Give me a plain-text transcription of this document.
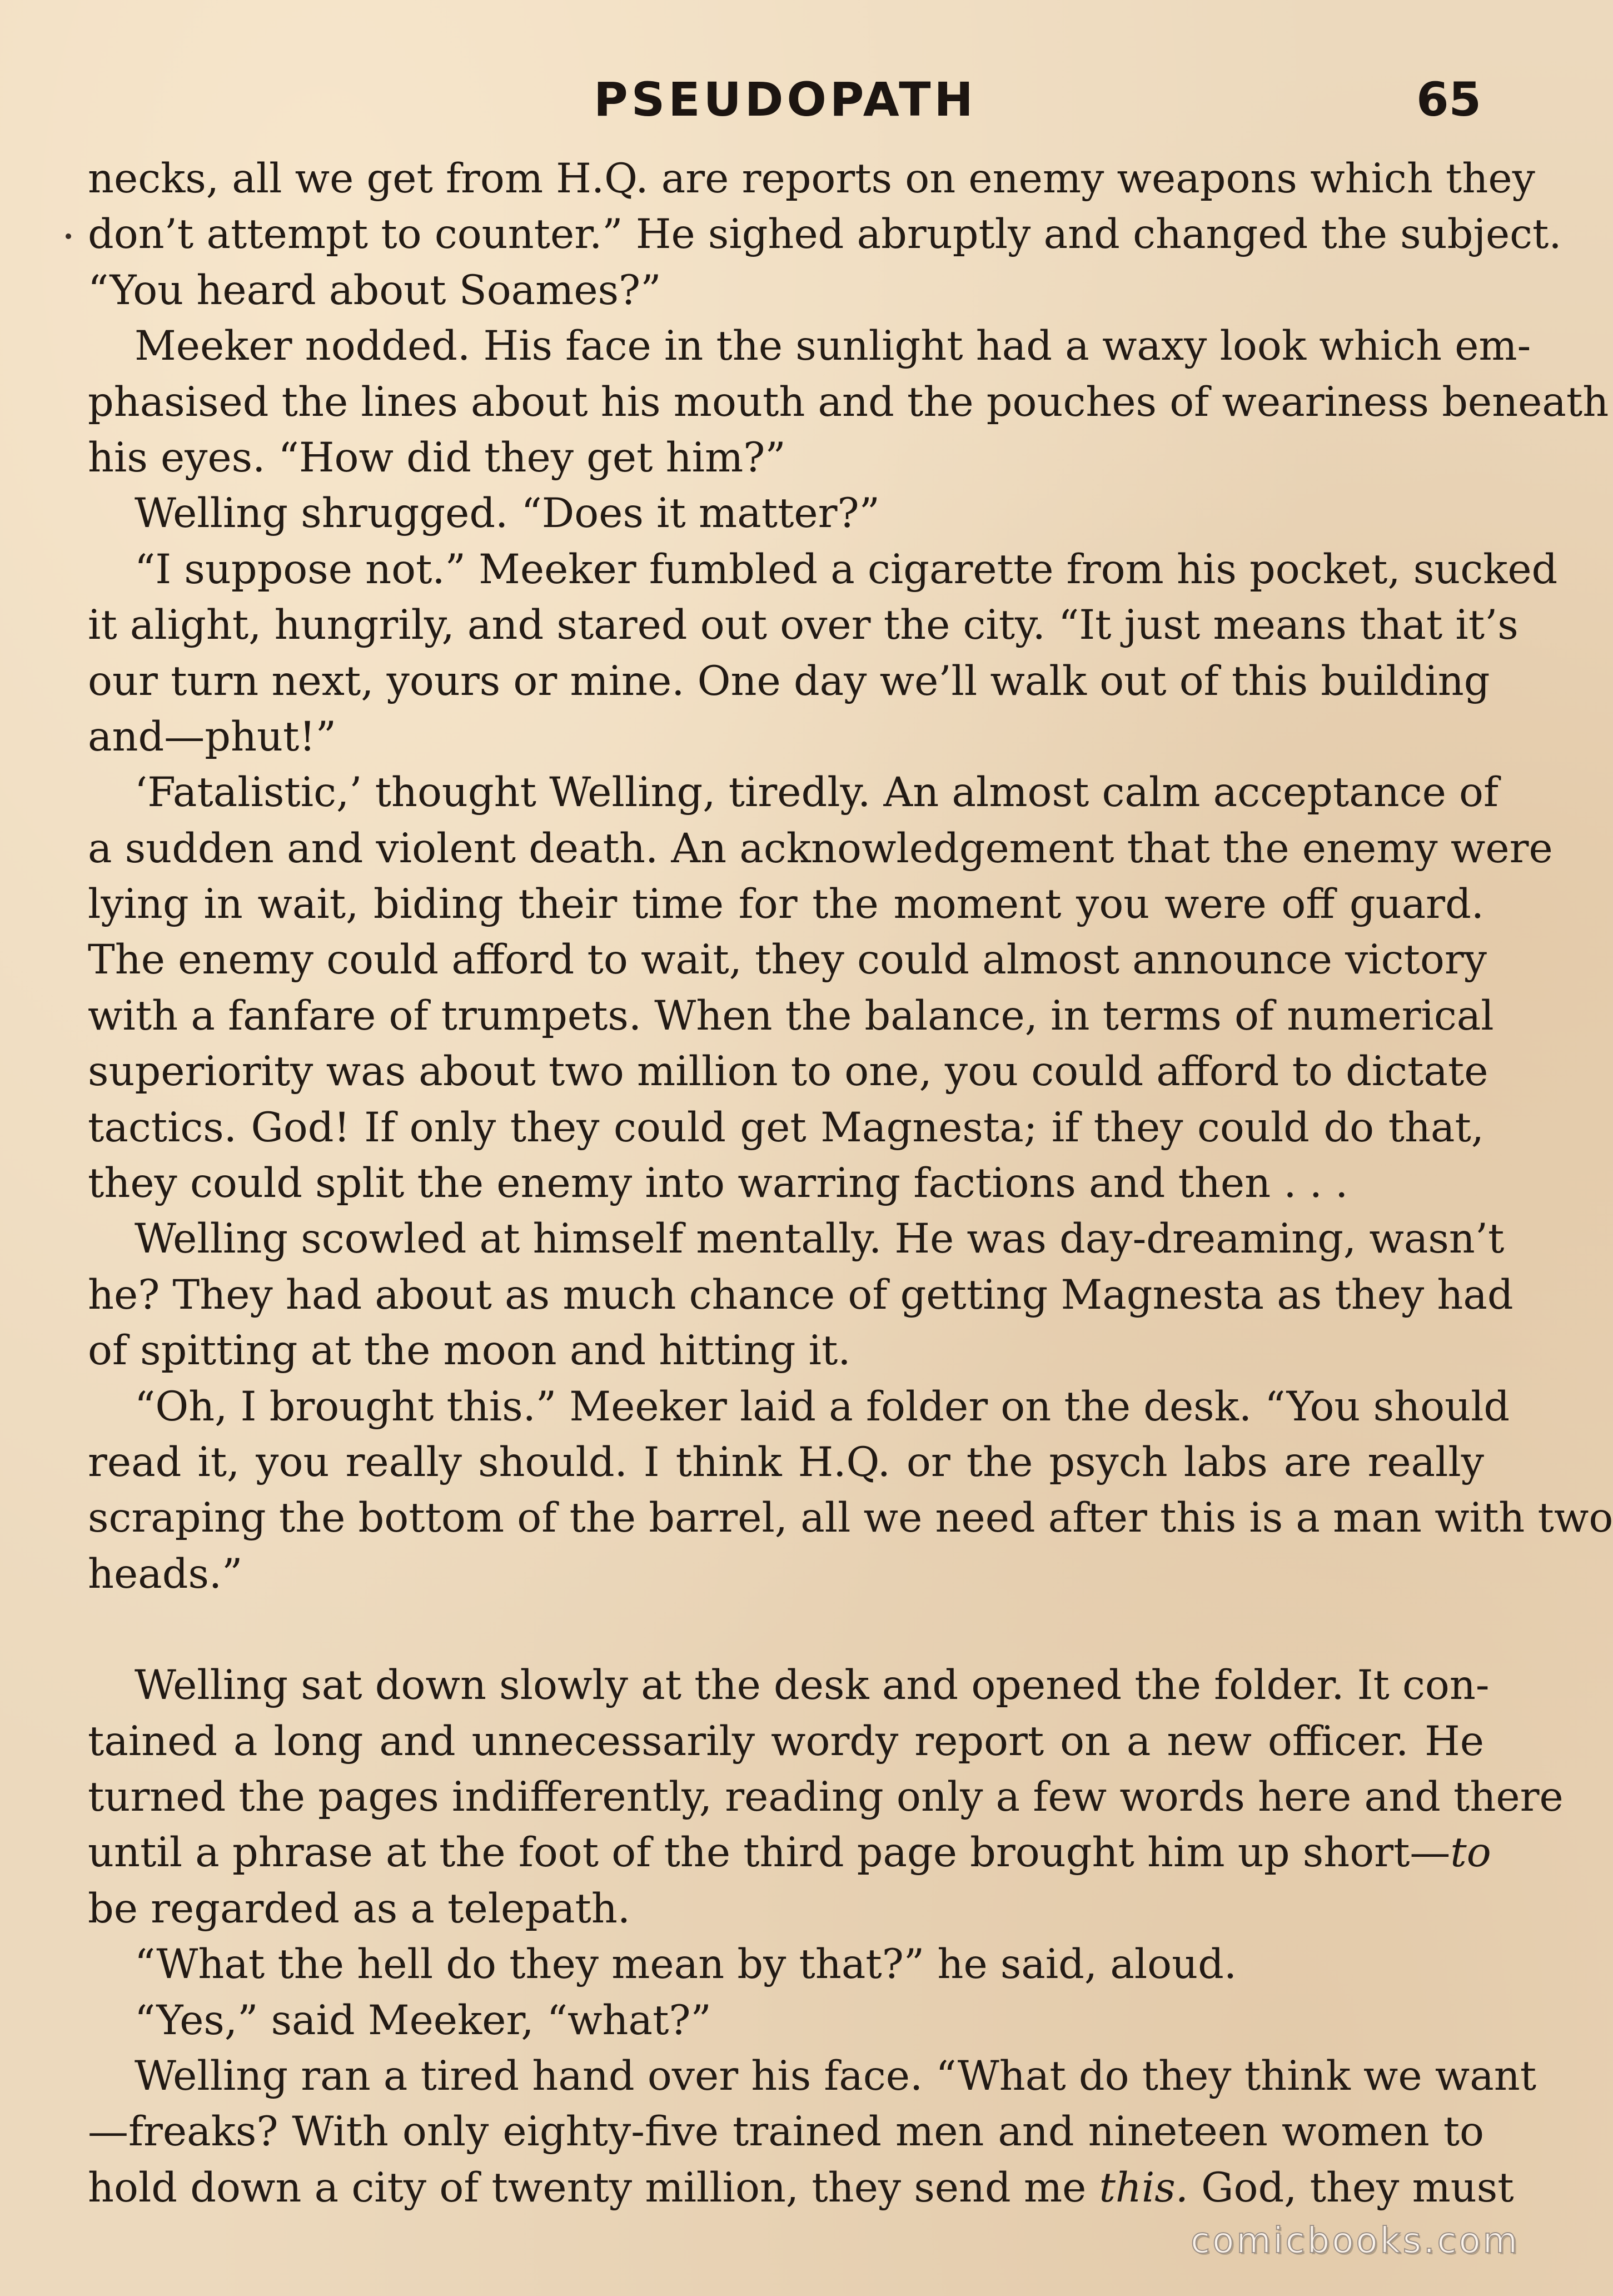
PSEUDOPATH	65
necks, all we get from H.Q. are reports on enemy weapons which they
don’t attempt to counter.” He sighed abruptly and changed the subject.
“You heard about Soames?”
Meeker nodded. His face in the sunlight had a waxy look which em-
phasised the lines about his mouth and the pouches of weariness beneath
his eyes. “How did they get him?”
Welling shrugged. “Does it matter?”
“I suppose not.” Meeker fumbled a cigarette from his pocket, sucked
it alight, hungrily, and stared out over the city. “It just means that it’s
our turn next, yours or mine. One day we’ll walk out of this building
and—phut!”
‘Fatalistic,’ thought Welling, tiredly. An almost calm acceptance of
a sudden and violent death. An acknowledgement that the enemy were
lying in wait, biding their time for the moment you were off guard.
The enemy could afford to wait, they could almost announce victory
with a fanfare of trumpets. When the balance, in terms of numerical
superiority was about two million to one, you could afford to dictate
tactics. God! If only they could get Magnesta; if they could do that,
they could split the enemy into warring factions and then . . .
Welling scowled at himself mentally. He was day-dreaming, wasn’t
he? They had about as much chance of getting Magnesta as they had
of spitting at the moon and hitting it.
“Oh, I brought this.” Meeker laid a folder on the desk. “You should
read it, you really should. I think H.Q. or the psych labs are really
scraping the bottom of the barrel, all we need after this is a man with two
heads.”
Welling sat down slowly at the desk and opened the folder. It con-
tained a long and unnecessarily wordy report on a new officer. He
turned the pages indifferently, reading only a few words here and there
until a phrase at the foot of the third page brought him up short—to
be regarded as a telepath.
“What the hell do they mean by that?” he said, aloud.
“Yes,” said Meeker, “what?”
Welling ran a tired hand over his face. “What do they think we want
—freaks? With only eighty-five trained men and nineteen women to
hold down a city of twenty million, they send me this. God, they must
comicbooks.com
